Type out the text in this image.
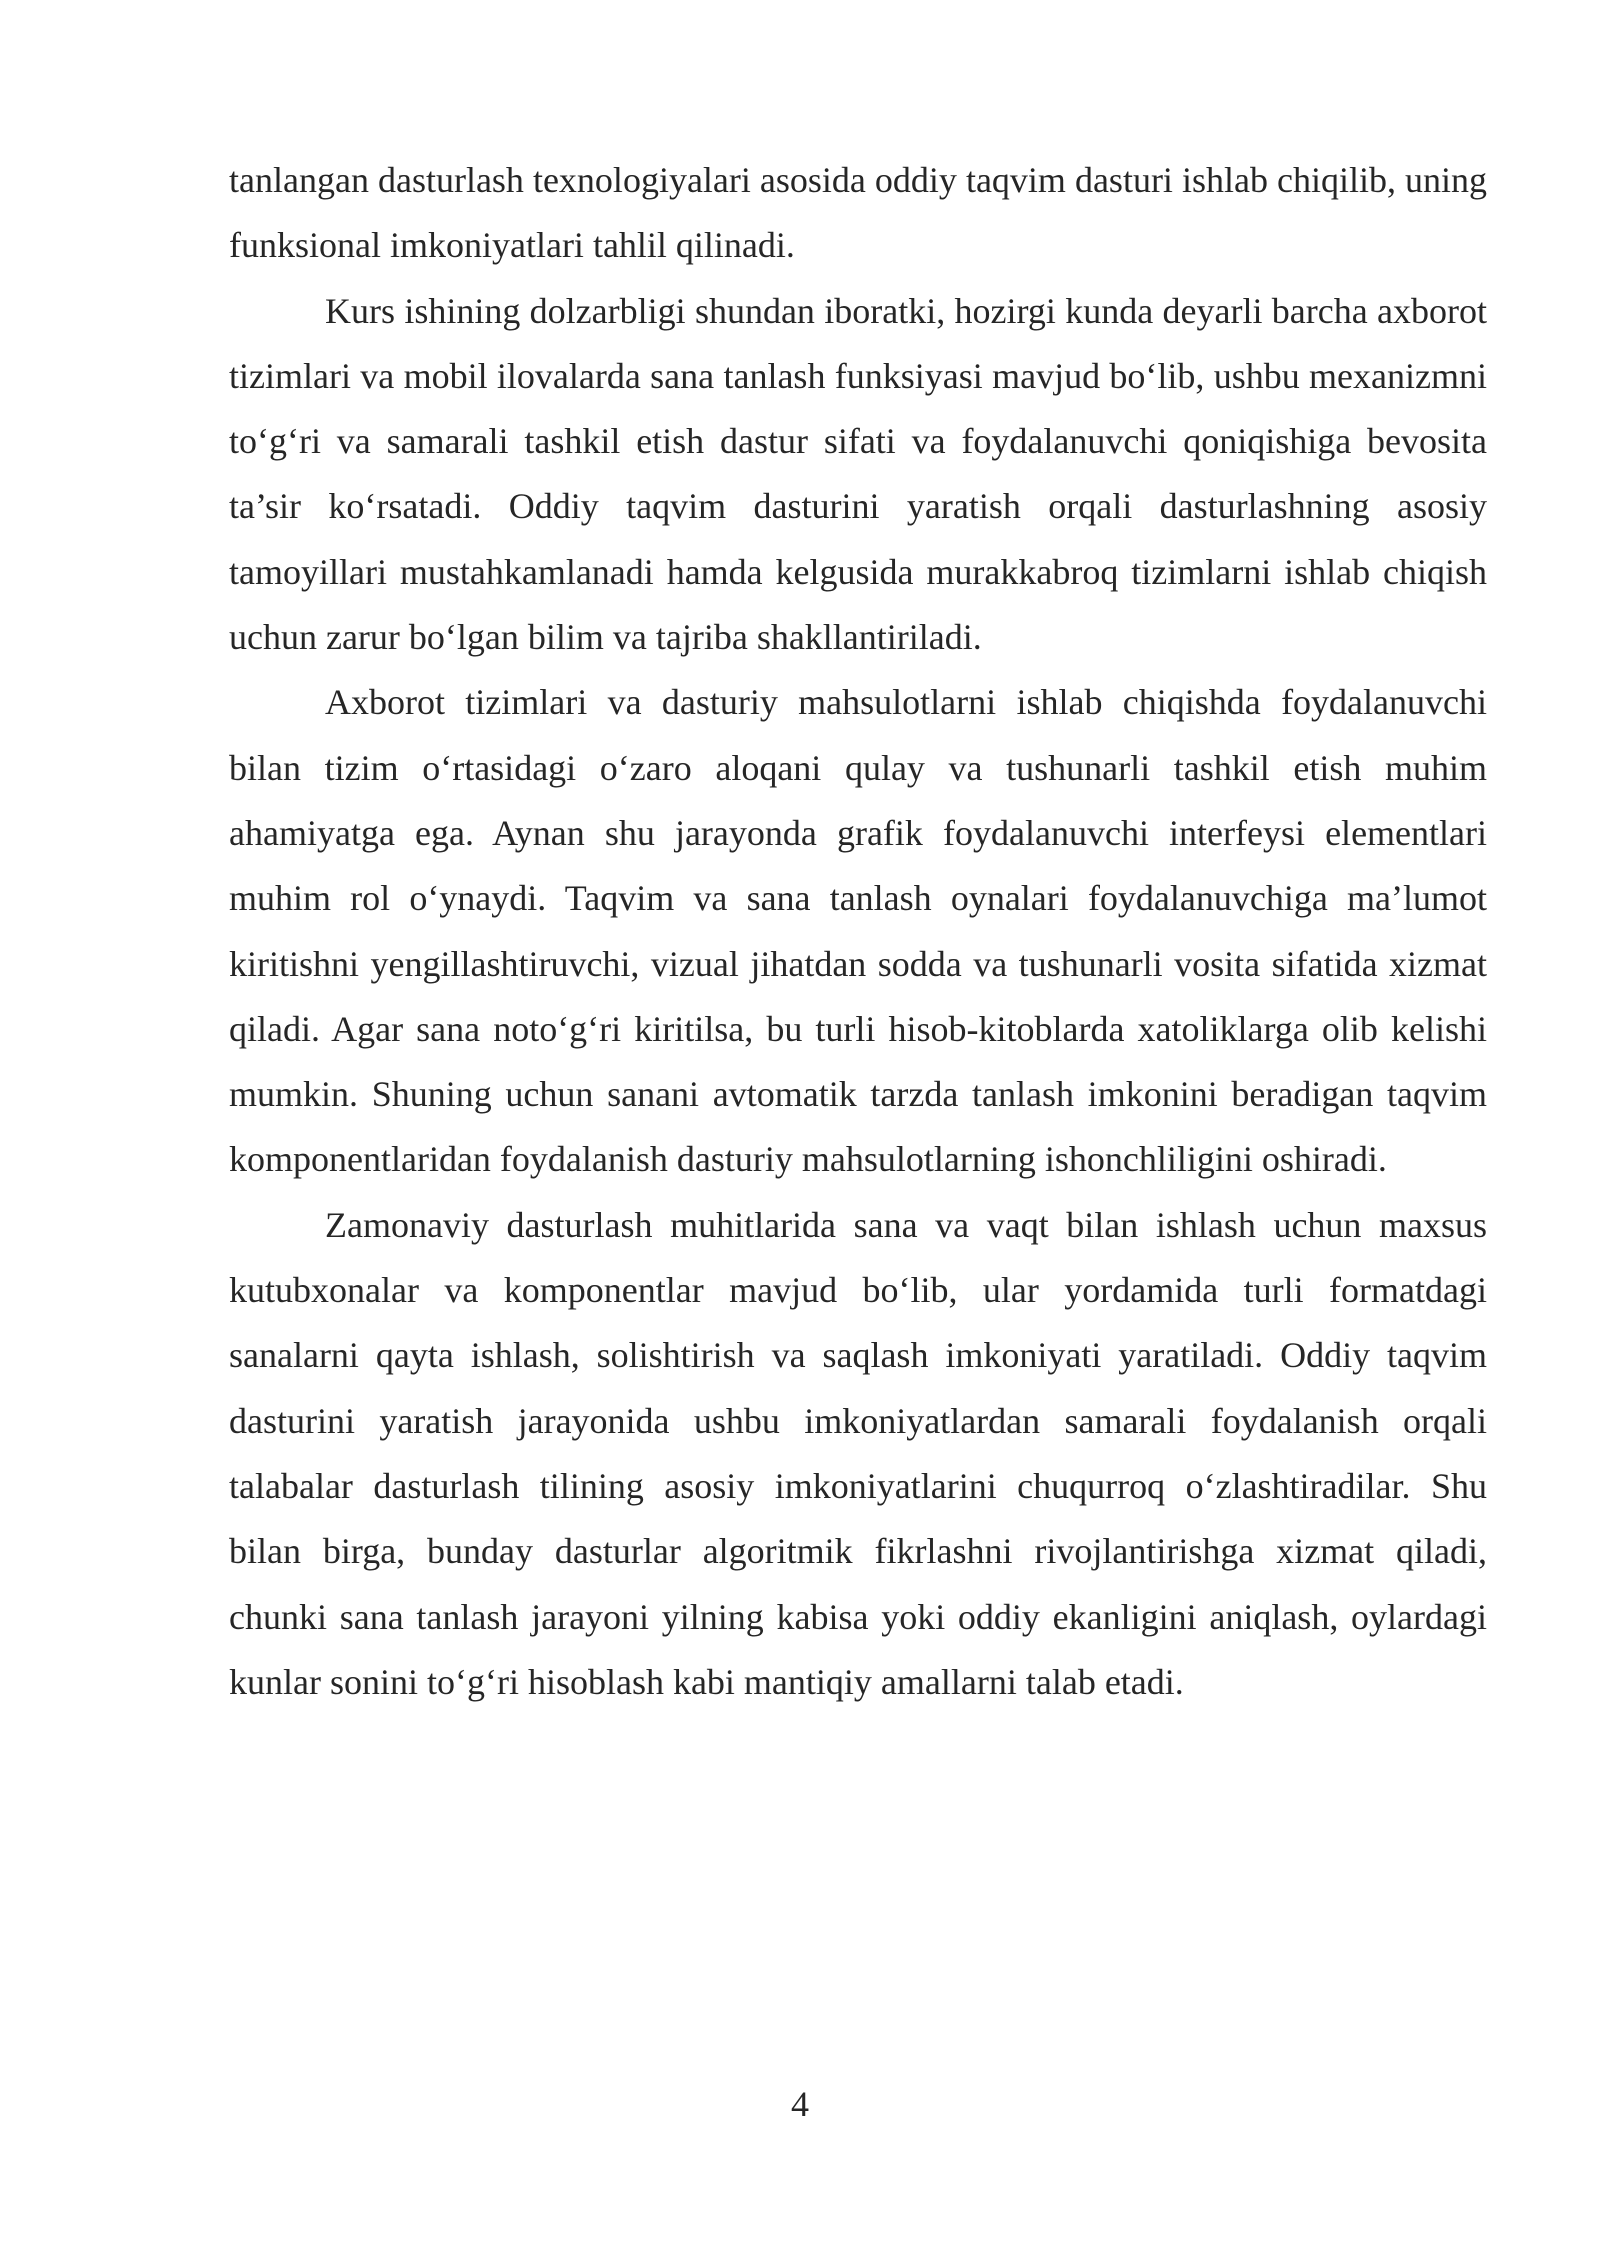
tanlangan dasturlash texnologiyalari asosida oddiy taqvim dasturi ishlab chiqilib, uning funksional imkoniyatlari tahlil qilinadi.

Kurs ishining dolzarbligi shundan iboratki, hozirgi kunda deyarli barcha axborot tizimlari va mobil ilovalarda sana tanlash funksiyasi mavjud bo‘lib, ushbu mexanizmni to‘g‘ri va samarali tashkil etish dastur sifati va foydalanuvchi qoniqishiga bevosita ta’sir ko‘rsatadi. Oddiy taqvim dasturini yaratish orqali dasturlashning asosiy tamoyillari mustahkamlanadi hamda kelgusida murakkabroq tizimlarni ishlab chiqish uchun zarur bo‘lgan bilim va tajriba shakllantiriladi.

Axborot tizimlari va dasturiy mahsulotlarni ishlab chiqishda foydalanuvchi bilan tizim o‘rtasidagi o‘zaro aloqani qulay va tushunarli tashkil etish muhim ahamiyatga ega. Aynan shu jarayonda grafik foydalanuvchi interfeysi elementlari muhim rol o‘ynaydi. Taqvim va sana tanlash oynalari foydalanuvchiga ma’lumot kiritishni yengillashtiruvchi, vizual jihatdan sodda va tushunarli vosita sifatida xizmat qiladi. Agar sana noto‘g‘ri kiritilsa, bu turli hisob-kitoblarda xatoliklarga olib kelishi mumkin. Shuning uchun sanani avtomatik tarzda tanlash imkonini beradigan taqvim komponentlaridan foydalanish dasturiy mahsulotlarning ishonchliligini oshiradi.

Zamonaviy dasturlash muhitlarida sana va vaqt bilan ishlash uchun maxsus kutubxonalar va komponentlar mavjud bo‘lib, ular yordamida turli formatdagi sanalarni qayta ishlash, solishtirish va saqlash imkoniyati yaratiladi. Oddiy taqvim dasturini yaratish jarayonida ushbu imkoniyatlardan samarali foydalanish orqali talabalar dasturlash tilining asosiy imkoniyatlarini chuqurroq o‘zlashtiradilar. Shu bilan birga, bunday dasturlar algoritmik fikrlashni rivojlantirishga xizmat qiladi, chunki sana tanlash jarayoni yilning kabisa yoki oddiy ekanligini aniqlash, oylardagi kunlar sonini to‘g‘ri hisoblash kabi mantiqiy amallarni talab etadi.

4
